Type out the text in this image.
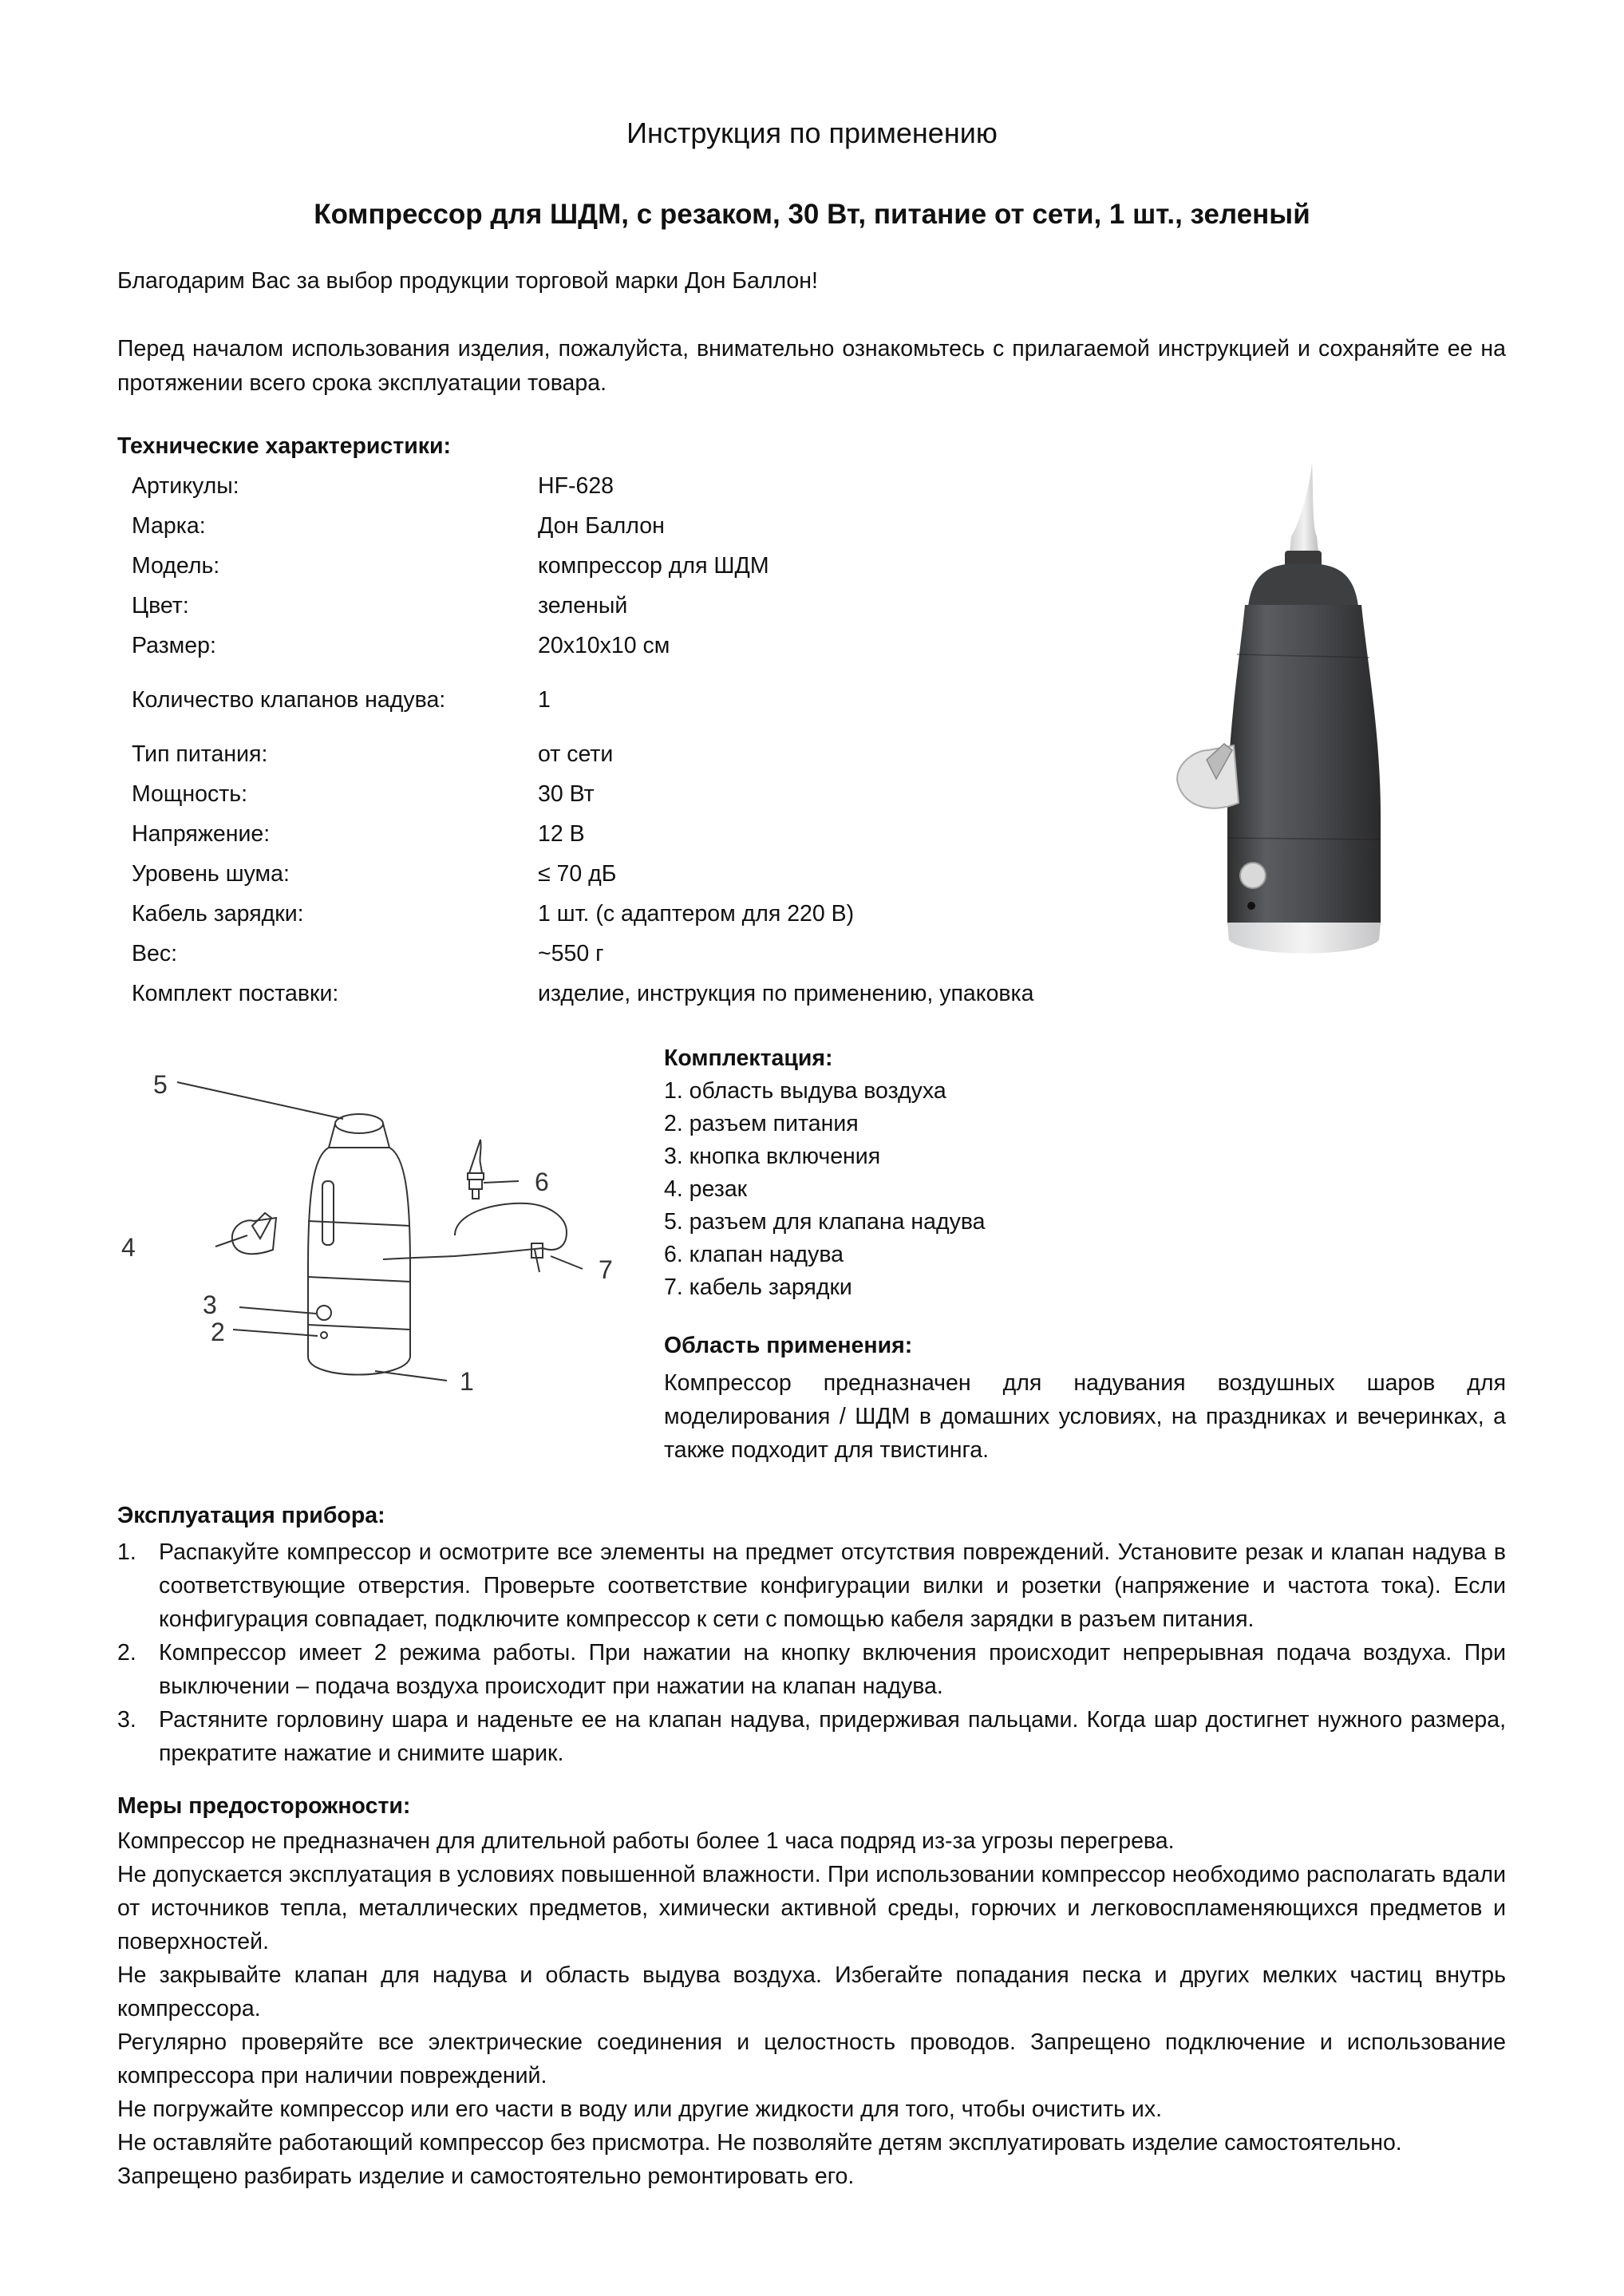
Инструкция по применению
Компрессор для ШДМ, с резаком, 30 Вт, питание от сети, 1 шт., зеленый
Благодарим Вас за выбор продукции торговой марки Дон Баллон!
Перед началом использования изделия, пожалуйста, внимательно ознакомьтесь с прилагаемой инструкцией и сохраняйте ее на протяжении всего срока эксплуатации товара.
Технические характеристики:
Артикулы:	HF-628
Марка:	Дон Баллон
Модель:	компрессор для ШДМ
Цвет:	зеленый
Размер:	20x10x10 см
Количество клапанов надува:	1
Тип питания:	от сети
Мощность:	30 Вт
Напряжение:	12 В
Уровень шума:	≤ 70 дБ
Кабель зарядки:	1 шт. (с адаптером для 220 В)
Вес:	~550 г
Комплект поставки:	изделие, инструкция по применению, упаковка
5
6
4
7
3
2
1
Комплектация:
1. область выдува воздуха
2. разъем питания
3. кнопка включения
4. резак
5. разъем для клапана надува
6. клапан надува
7. кабель зарядки
Область применения:
Компрессор предназначен для надувания воздушных шаров для моделирования / ШДМ в домашних условиях, на праздниках и вечеринках, а также подходит для твистинга.
Эксплуатация прибора:
1. Распакуйте компрессор и осмотрите все элементы на предмет отсутствия повреждений. Установите резак и клапан надува в соответствующие отверстия. Проверьте соответствие конфигурации вилки и розетки (напряжение и частота тока). Если конфигурация совпадает, подключите компрессор к сети с помощью кабеля зарядки в разъем питания.
2. Компрессор имеет 2 режима работы. При нажатии на кнопку включения происходит непрерывная подача воздуха. При выключении – подача воздуха происходит при нажатии на клапан надува.
3. Растяните горловину шара и наденьте ее на клапан надува, придерживая пальцами. Когда шар достигнет нужного размера, прекратите нажатие и снимите шарик.
Меры предосторожности:

Компрессор не предназначен для длительной работы более 1 часа подряд из-за угрозы перегрева.

Не допускается эксплуатация в условиях повышенной влажности. При использовании компрессор необходимо располагать вдали от источников тепла, металлических предметов, химически активной среды, горючих и легковоспламеняющихся предметов и поверхностей.

Не закрывайте клапан для надува и область выдува воздуха. Избегайте попадания песка и других мелких частиц внутрь компрессора.

Регулярно проверяйте все электрические соединения и целостность проводов. Запрещено подключение и использование компрессора при наличии повреждений.

Не погружайте компрессор или его части в воду или другие жидкости для того, чтобы очистить их.

Не оставляйте работающий компрессор без присмотра. Не позволяйте детям эксплуатировать изделие самостоятельно.

Запрещено разбирать изделие и самостоятельно ремонтировать его.
